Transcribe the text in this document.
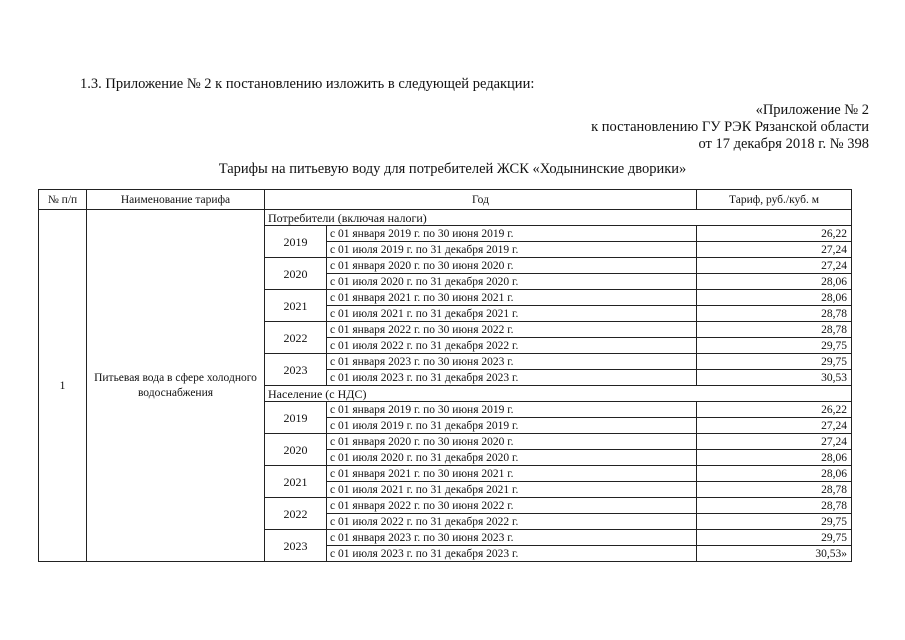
1.3. Приложение № 2 к постановлению изложить в следующей редакции:
«Приложение № 2
к постановлению ГУ РЭК Рязанской области
от 17 декабря 2018 г. № 398
Тарифы на питьевую воду для потребителей ЖСК «Ходынинские дворики»
№ п/п	Наименование тарифа	Год		Тариф, руб./куб. м
1	Питьевая вода в сфере холодного водоснабжения	Потребители (включая налоги)		
		2019	с 01 января 2019 г. по 30 июня 2019 г.	26,22
			с 01 июля 2019 г. по 31 декабря 2019 г.	27,24
		2020	с 01 января 2020 г. по 30 июня 2020 г.	27,24
			с 01 июля 2020 г. по 31 декабря 2020 г.	28,06
		2021	с 01 января 2021 г. по 30 июня 2021 г.	28,06
			с 01 июля 2021 г. по 31 декабря 2021 г.	28,78
		2022	с 01 января 2022 г. по 30 июня 2022 г.	28,78
			с 01 июля 2022 г. по 31 декабря 2022 г.	29,75
		2023	с 01 января 2023 г. по 30 июня 2023 г.	29,75
			с 01 июля 2023 г. по 31 декабря 2023 г.	30,53
		Население (с НДС)		
		2019	с 01 января 2019 г. по 30 июня 2019 г.	26,22
			с 01 июля 2019 г. по 31 декабря 2019 г.	27,24
		2020	с 01 января 2020 г. по 30 июня 2020 г.	27,24
			с 01 июля 2020 г. по 31 декабря 2020 г.	28,06
		2021	с 01 января 2021 г. по 30 июня 2021 г.	28,06
			с 01 июля 2021 г. по 31 декабря 2021 г.	28,78
		2022	с 01 января 2022 г. по 30 июня 2022 г.	28,78
			с 01 июля 2022 г. по 31 декабря 2022 г.	29,75
		2023	с 01 января 2023 г. по 30 июня 2023 г.	29,75
			с 01 июля 2023 г. по 31 декабря 2023 г.	30,53»
